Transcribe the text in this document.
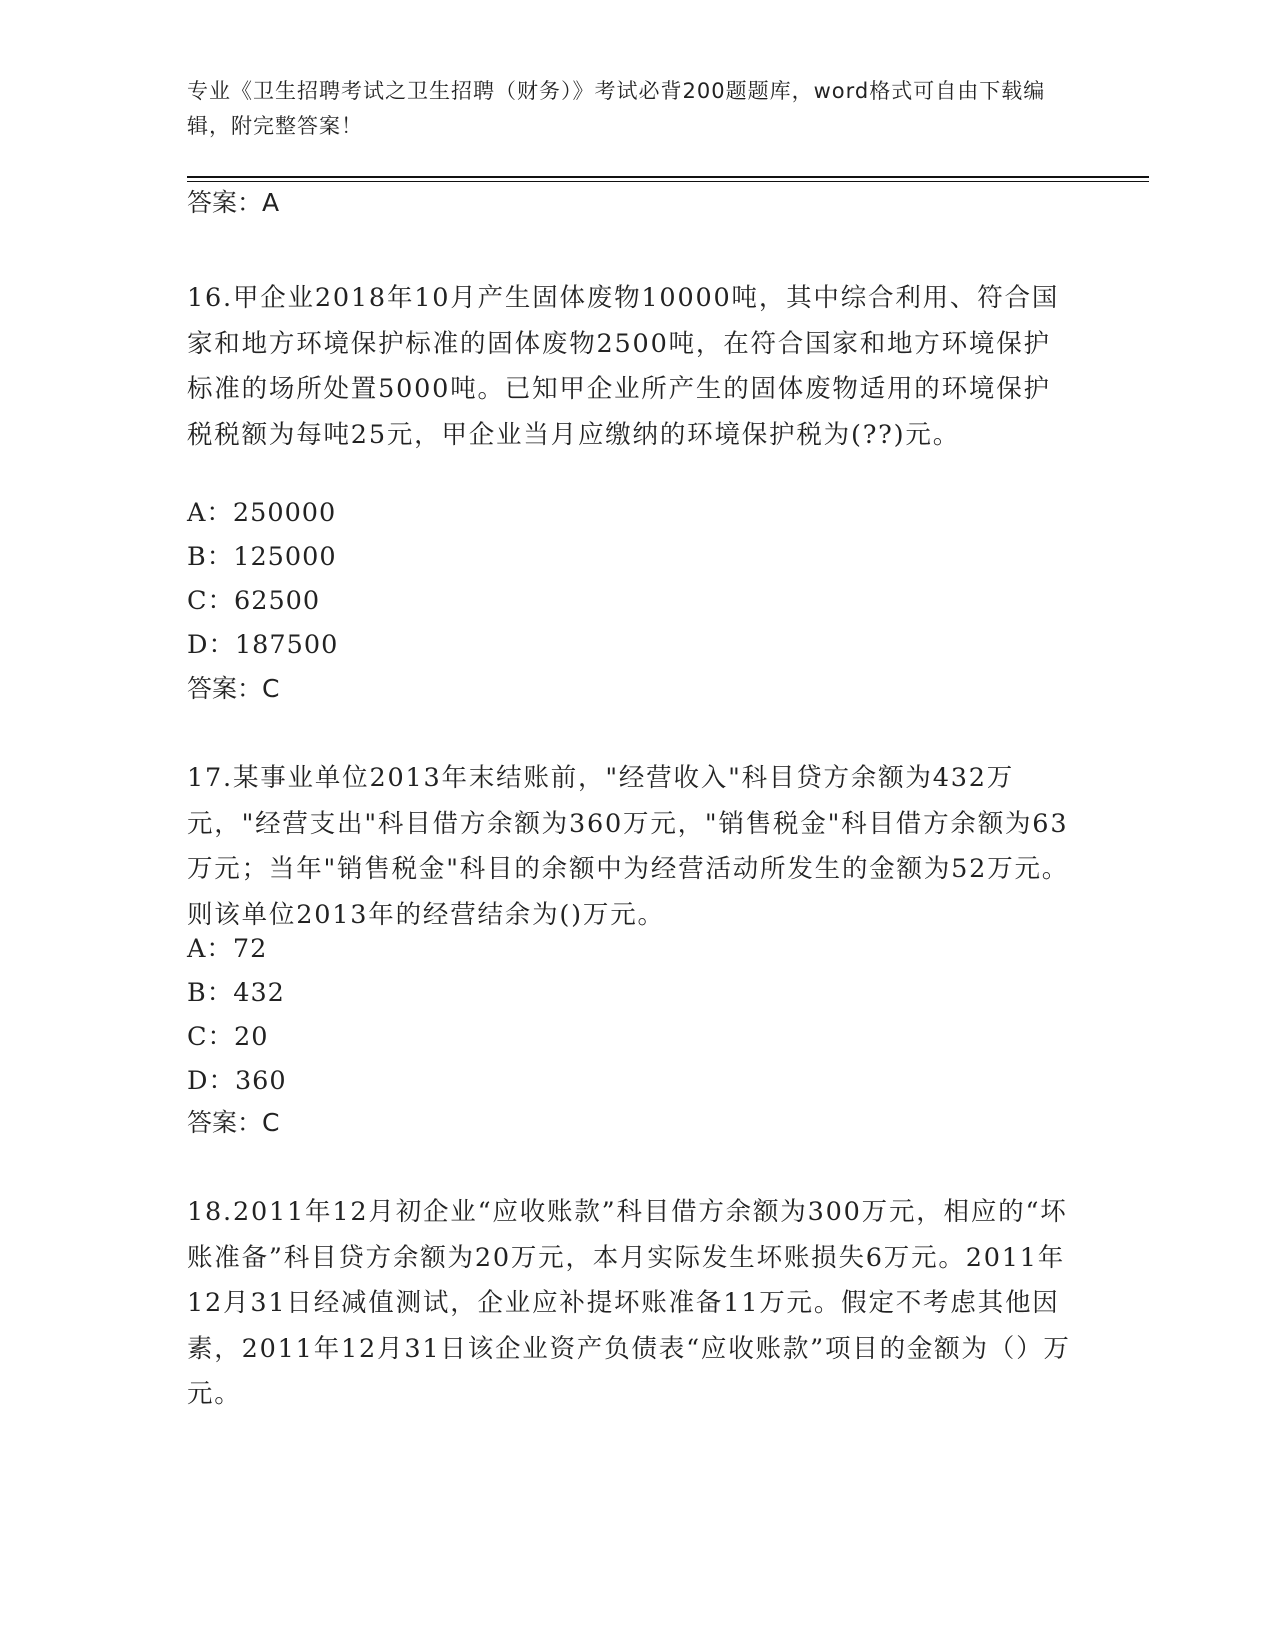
专业《卫生招聘考试之卫生招聘（财务）》考试必背200题题库，word格式可自由下载编辑，附完整答案！
答案：A
16.甲企业2018年10月产生固体废物10000吨，其中综合利用、符合国家和地方环境保护标准的固体废物2500吨，在符合国家和地方环境保护标准的场所处置5000吨。已知甲企业所产生的固体废物适用的环境保护税税额为每吨25元，甲企业当月应缴纳的环境保护税为(??)元。
A：250000
B：125000
C：62500
D：187500
答案：C
17.某事业单位2013年末结账前，"经营收入"科目贷方余额为432万元，"经营支出"科目借方余额为360万元，"销售税金"科目借方余额为63万元；当年"销售税金"科目的余额中为经营活动所发生的金额为52万元。则该单位2013年的经营结余为()万元。
A：72
B：432
C：20
D：360
答案：C
18.2011年12月初企业“应收账款”科目借方余额为300万元，相应的“坏账准备”科目贷方余额为20万元，本月实际发生坏账损失6万元。2011年12月31日经减值测试，企业应补提坏账准备11万元。假定不考虑其他因素，2011年12月31日该企业资产负债表“应收账款”项目的金额为（）万元。
